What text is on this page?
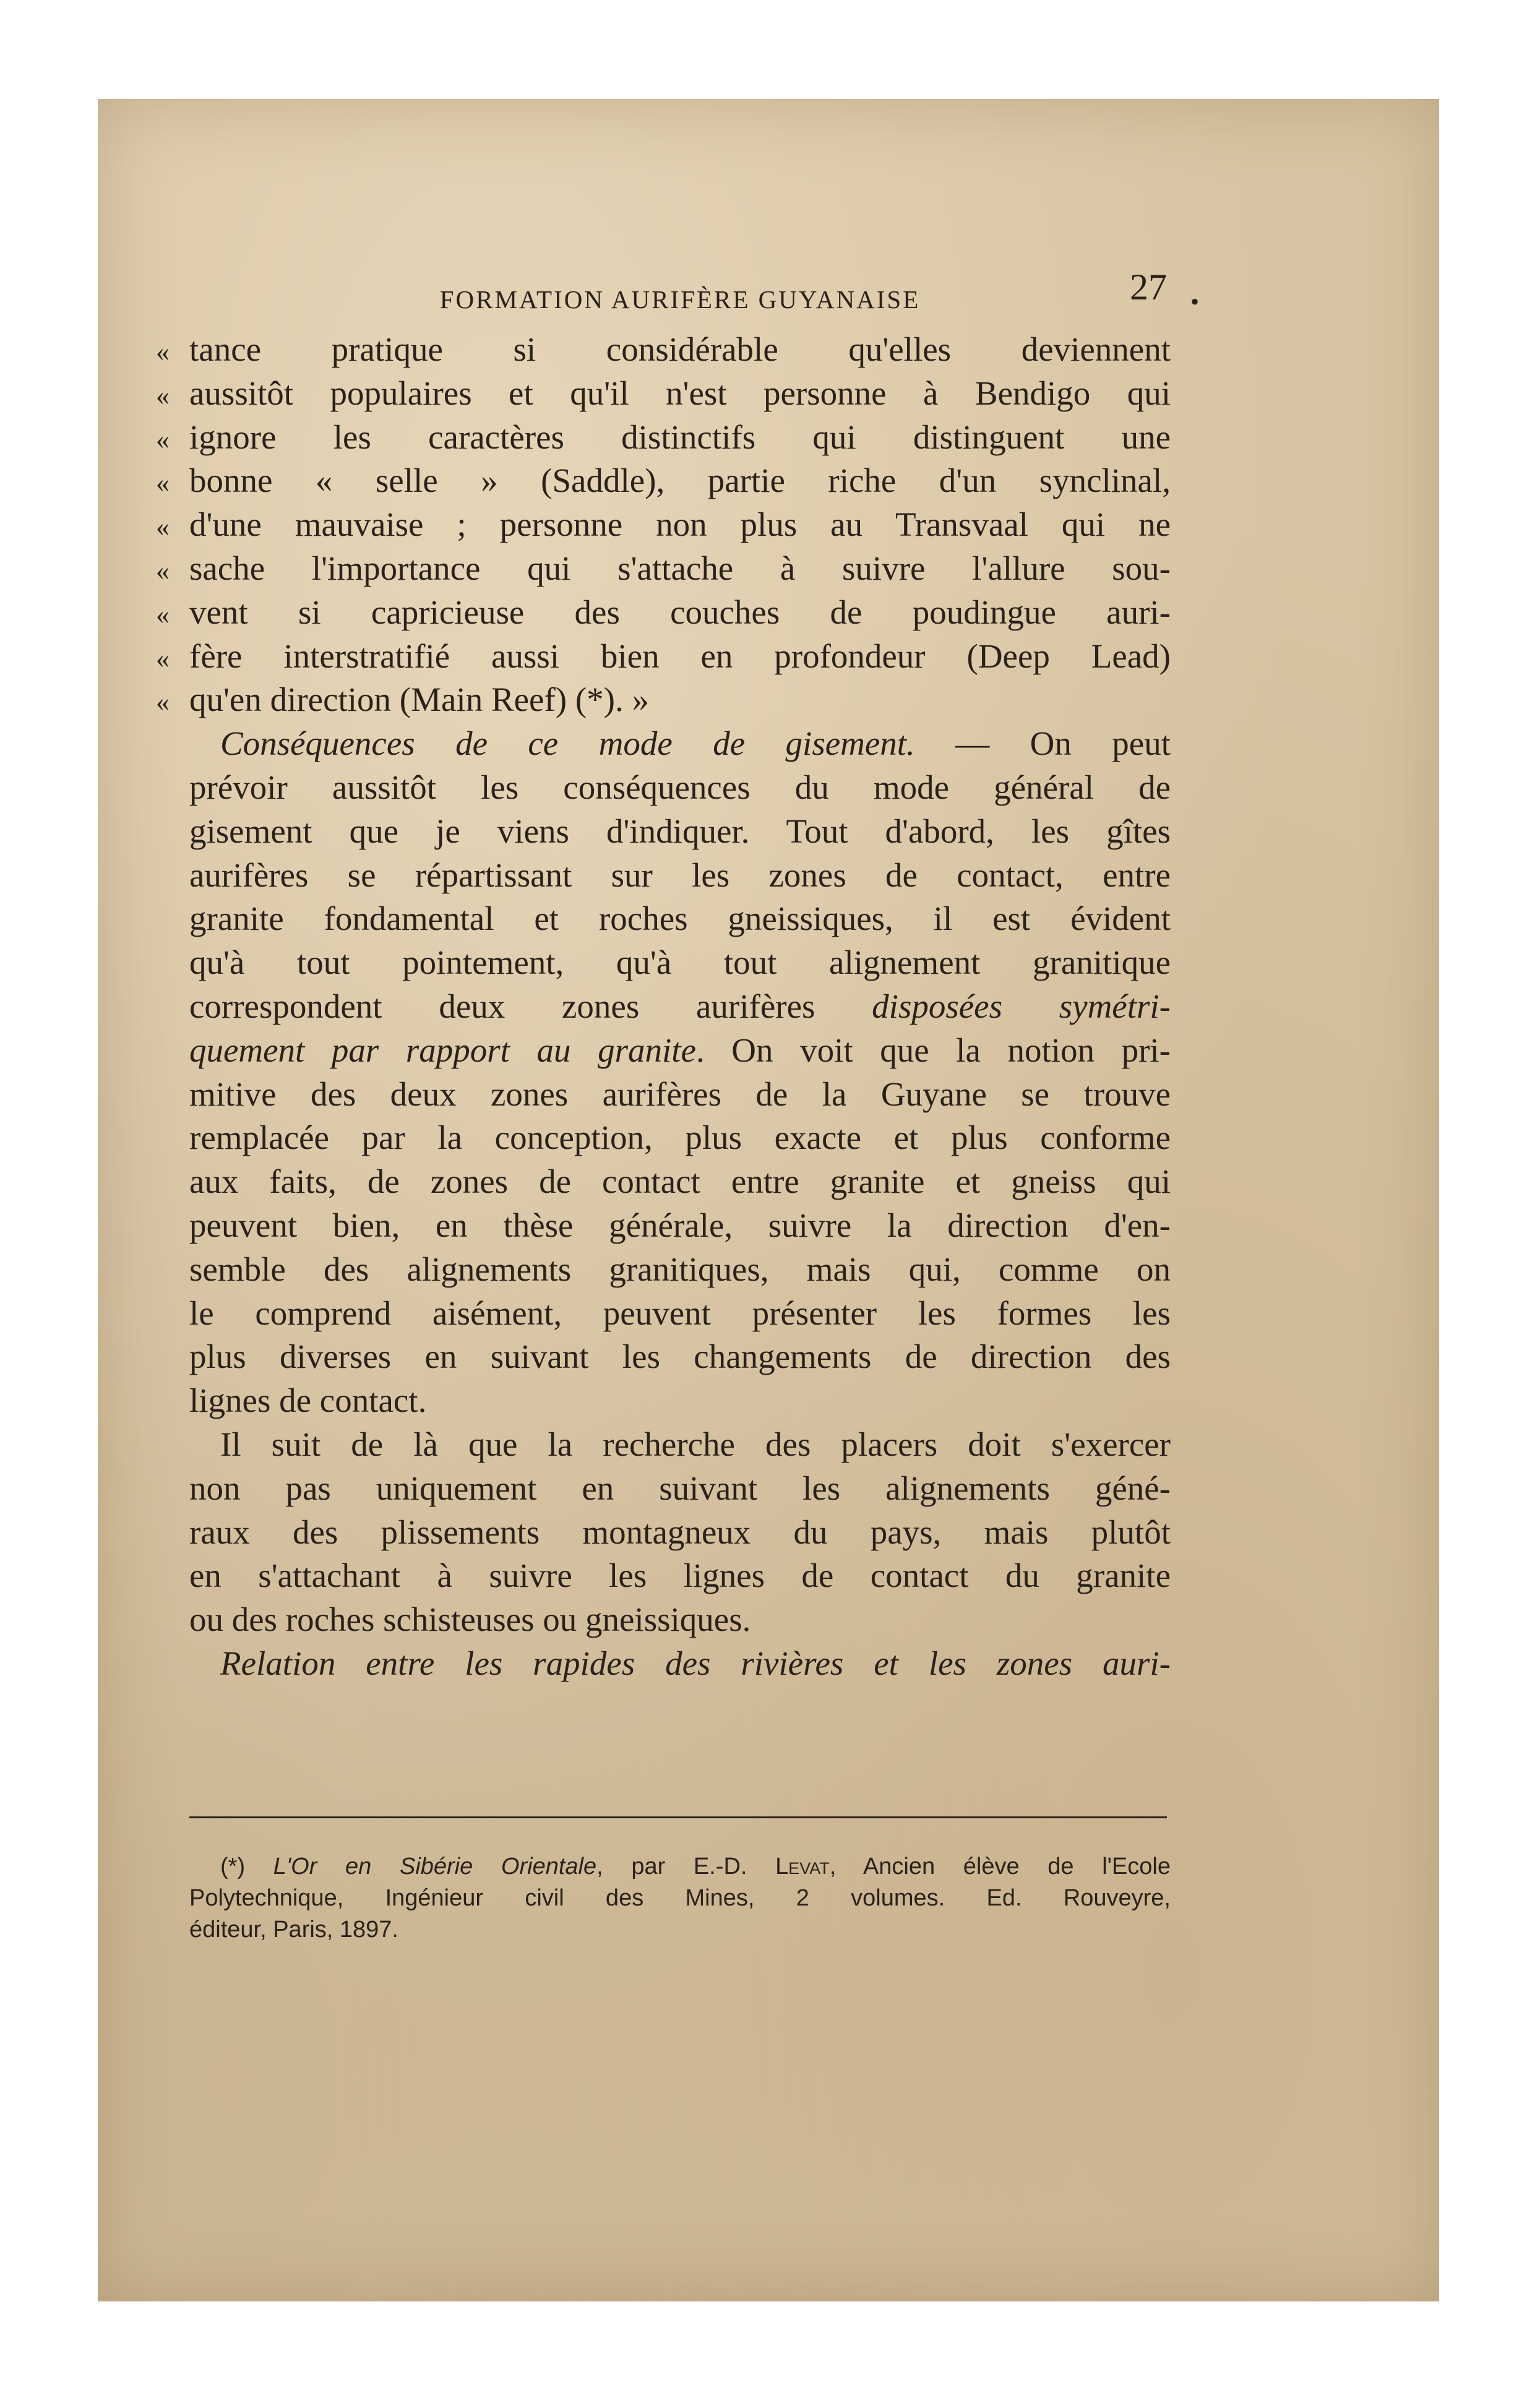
FORMATION AURIFÈRE GUYANAISE	27 •
« tance pratique si considérable qu'elles deviennent
« aussitôt populaires et qu'il n'est personne à Bendigo qui
« ignore les caractères distinctifs qui distinguent une
« bonne « selle » (Saddle), partie riche d'un synclinal,
« d'une mauvaise ; personne non plus au Transvaal qui ne
« sache l'importance qui s'attache à suivre l'allure sou-
« vent si capricieuse des couches de poudingue auri-
« fère interstratifié aussi bien en profondeur (Deep Lead)
« qu'en direction (Main Reef) (*). »
Conséquences de ce mode de gisement. — On peut
prévoir aussitôt les conséquences du mode général de
gisement que je viens d'indiquer. Tout d'abord, les gîtes
aurifères se répartissant sur les zones de contact, entre
granite fondamental et roches gneissiques, il est évident
qu'à tout pointement, qu'à tout alignement granitique
correspondent deux zones aurifères disposées symétri-
quement par rapport au granite. On voit que la notion pri-
mitive des deux zones aurifères de la Guyane se trouve
remplacée par la conception, plus exacte et plus conforme
aux faits, de zones de contact entre granite et gneiss qui
peuvent bien, en thèse générale, suivre la direction d'en-
semble des alignements granitiques, mais qui, comme on
le comprend aisément, peuvent présenter les formes les
plus diverses en suivant les changements de direction des
lignes de contact.
Il suit de là que la recherche des placers doit s'exercer
non pas uniquement en suivant les alignements géné-
raux des plissements montagneux du pays, mais plutôt
en s'attachant à suivre les lignes de contact du granite
ou des roches schisteuses ou gneissiques.
Relation entre les rapides des rivières et les zones auri-
(*) L'Or en Sibérie Orientale, par E.-D. Levat, Ancien élève de l'Ecole
Polytechnique, Ingénieur civil des Mines, 2 volumes. Ed. Rouveyre,
éditeur, Paris, 1897.
